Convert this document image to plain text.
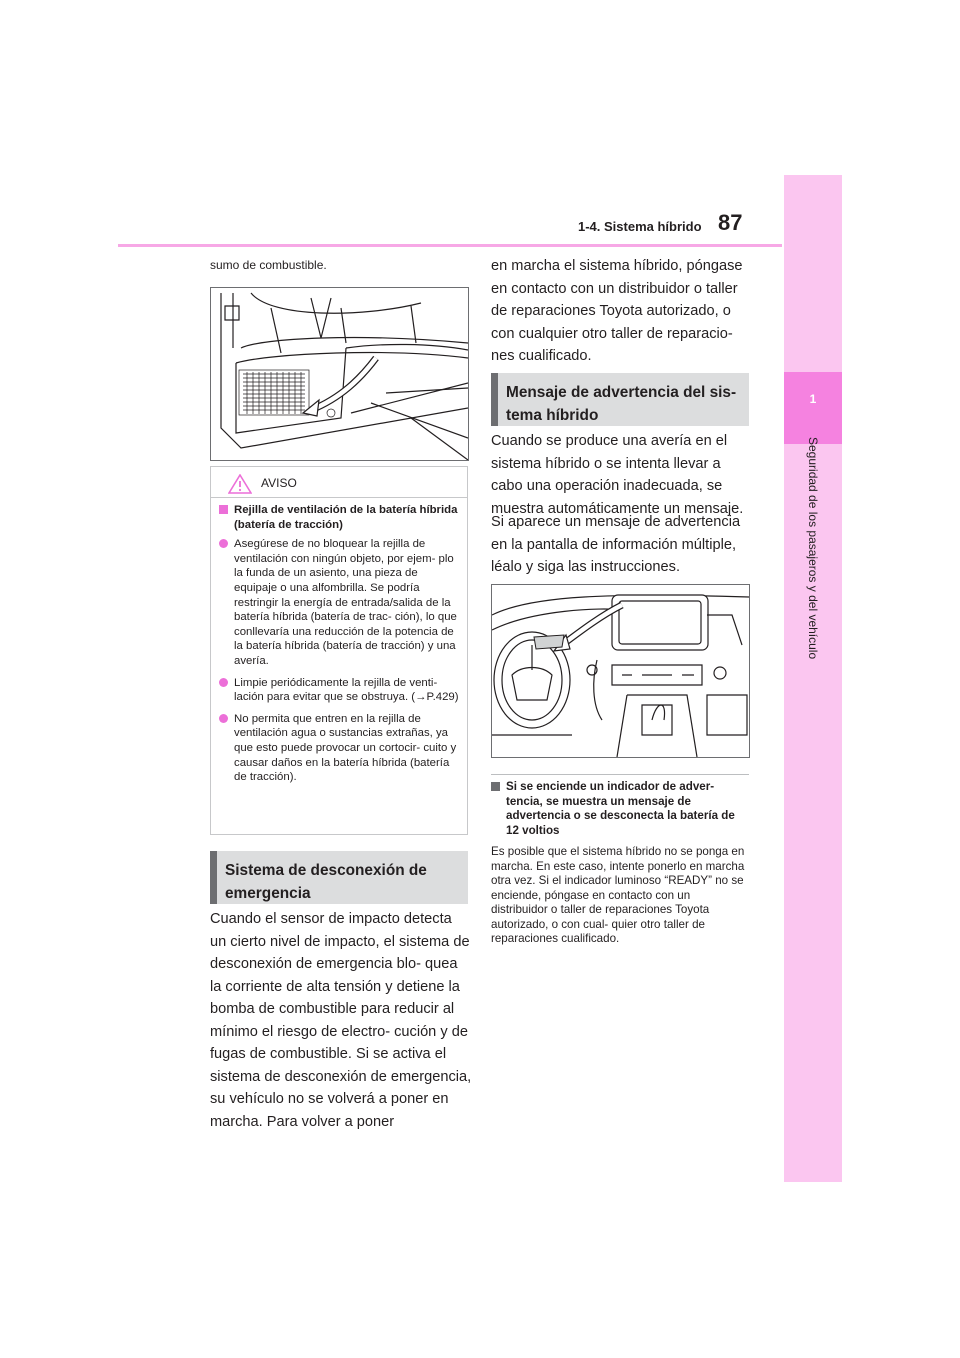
1-4. Sistema híbrido 87
1
Seguridad de los pasajeros y del vehículo
sumo de combustible.
AVISO
Rejilla de ventilación de la batería híbrida (batería de tracción)
Asegúrese de no bloquear la rejilla de ventilación con ningún objeto, por ejem- plo la funda de un asiento, una pieza de equipaje o una alfombrilla. Se podría restringir la energía de entrada/salida de la batería híbrida (batería de trac- ción), lo que conllevaría una reducción de la potencia de la batería híbrida (batería de tracción) y una avería.
Limpie periódicamente la rejilla de venti- lación para evitar que se obstruya. (→P.429)
No permita que entren en la rejilla de ventilación agua o sustancias extrañas, ya que esto puede provocar un cortocir- cuito y causar daños en la batería híbrida (batería de tracción).
Sistema de desconexión de emergencia
Cuando el sensor de impacto detecta un cierto nivel de impacto, el sistema de desconexión de emergencia blo- quea la corriente de alta tensión y detiene la bomba de combustible para reducir al mínimo el riesgo de electro- cución y de fugas de combustible. Si se activa el sistema de desconexión de emergencia, su vehículo no se volverá a poner en marcha. Para volver a poner
en marcha el sistema híbrido, póngase en contacto con un distribuidor o taller de reparaciones Toyota autorizado, o con cualquier otro taller de reparacio- nes cualificado.
Mensaje de advertencia del sis- tema híbrido
Cuando se produce una avería en el sistema híbrido o se intenta llevar a cabo una operación inadecuada, se muestra automáticamente un mensaje.
Si aparece un mensaje de advertencia en la pantalla de información múltiple, léalo y siga las instrucciones.
Si se enciende un indicador de adver- tencia, se muestra un mensaje de advertencia o se desconecta la batería de 12 voltios
Es posible que el sistema híbrido no se ponga en marcha. En este caso, intente ponerlo en marcha otra vez. Si el indicador luminoso “READY” no se enciende, póngase en contacto con un distribuidor o taller de reparaciones Toyota autorizado, o con cual- quier otro taller de reparaciones cualificado.
